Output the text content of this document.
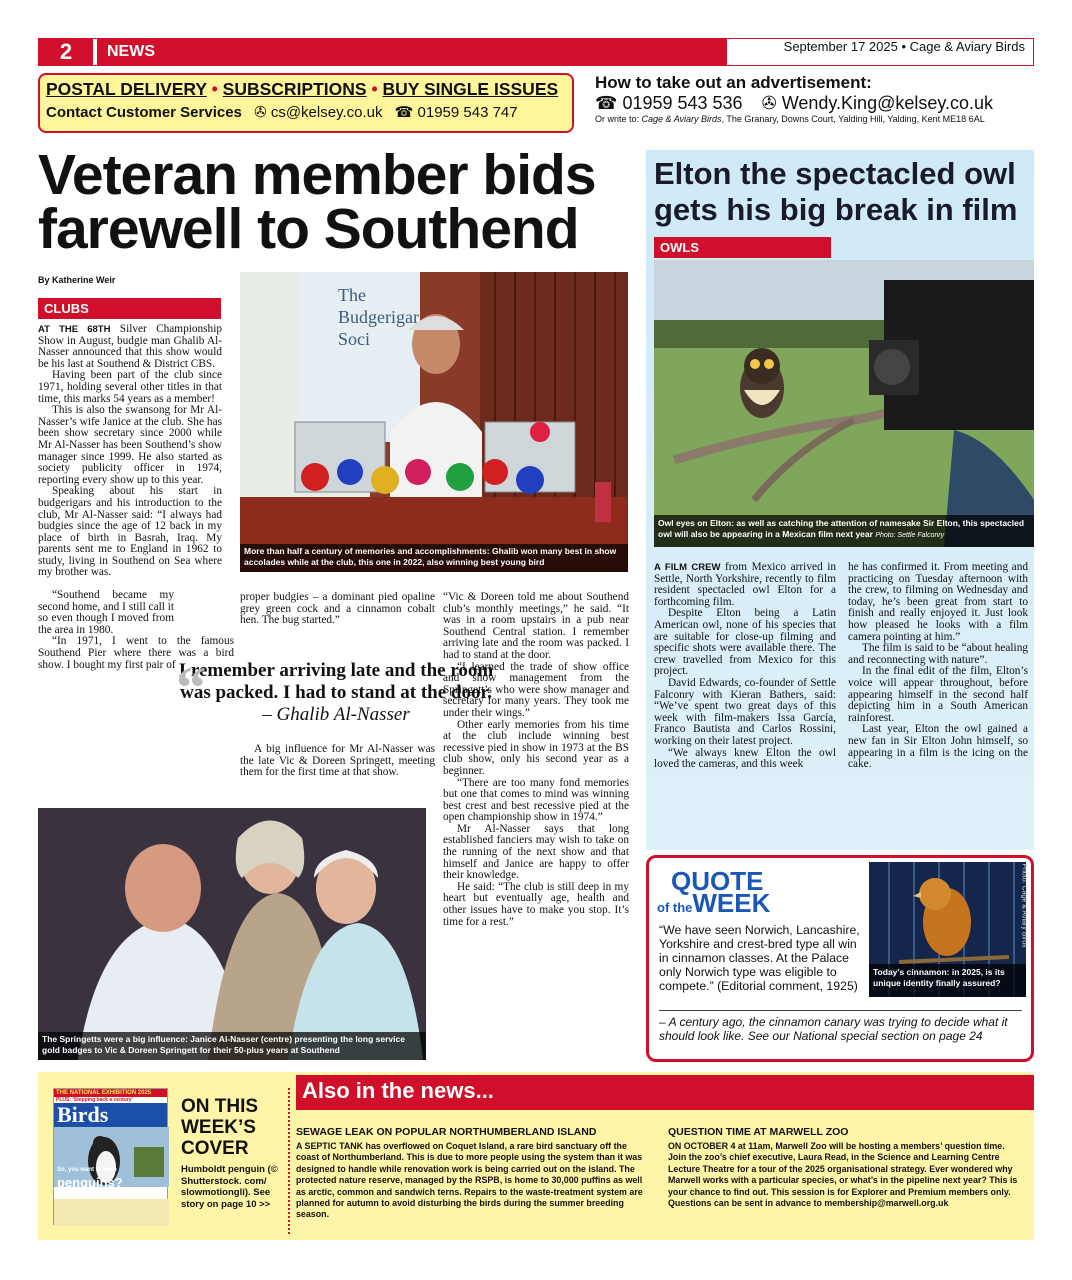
2	NEWS	September 17 2025 • Cage & Aviary Birds
POSTAL DELIVERY • SUBSCRIPTIONS • BUY SINGLE ISSUES
Contact Customer Services ✇ cs@kelsey.co.uk ☎ 01959 543 747
How to take out an advertisement:
☎ 01959 543 536 ✇ Wendy.King@kelsey.co.uk
Or write to: Cage & Aviary Birds, The Granary, Downs Court, Yalding Hill, Yalding, Kent ME18 6AL
Veteran member bids farewell to Southend
By Katherine Weir
CLUBS

AT THE 68TH Silver Championship Show in August, budgie man Ghalib Al-Nasser announced that this show would be his last at Southend & District CBS.

Having been part of the club since 1971, holding several other titles in that time, this marks 54 years as a member!

This is also the swansong for Mr Al-Nasser’s wife Janice at the club. She has been show secretary since 2000 while Mr Al-Nasser has been Southend’s show manager since 1999. He also started as society publicity officer in 1974, reporting every show up to this year.

Speaking about his start in budgerigars and his introduction to the club, Mr Al-Nasser said: “I always had budgies since the age of 12 back in my place of birth in Basrah, Iraq. My parents sent me to England in 1962 to study, living in Southend on Sea where my brother was.

“Southend became my second home, and I still call it so even though I moved from the area in 1980.

“In 1971, I went to the famous Southend Pier where there was a bird show. I bought my first pair of

The Budgerigar Soci
More than half a century of memories and accomplishments: Ghalib won many best in show accolades while at the club, this one in 2022, also winning best young bird

proper budgies – a dominant pied opaline grey green cock and a cinnamon cobalt hen. The bug started.”

A big influence for Mr Al-Nasser was the late Vic & Doreen Springett, meeting them for the first time at that show.

“Vic & Doreen told me about Southend club’s monthly meetings,” he said. “It was in a room upstairs in a pub near Southend Central station. I remember arriving late and the room was packed. I had to stand at the door.

“I learned the trade of show office and show management from the Springett’s who were show manager and secretary for many years. They took me under their wings.”

Other early memories from his time at the club include winning best recessive pied in show in 1973 at the BS club show, only his second year as a beginner.

“There are too many fond memories but one that comes to mind was winning best crest and best recessive pied at the open championship show in 1974.”

Mr Al-Nasser says that long established fanciers may wish to take on the running of the next show and that himself and Janice are happy to offer their knowledge.

He said: “The club is still deep in my heart but eventually age, health and other issues have to make you stop. It’s time for a rest.”

“
I remember arriving late and the room was packed. I had to stand at the door. – Ghalib Al-Nasser
The Springetts were a big influence: Janice Al-Nasser (centre) presenting the long service gold badges to Vic & Doreen Springett for their 50-plus years at Southend
Elton the spectacled owl gets his big break in film
OWLS
Owl eyes on Elton: as well as catching the attention of namesake Sir Elton, this spectacled owl will also be appearing in a Mexican film next year Photo: Settle Falconry

A FILM CREW from Mexico arrived in Settle, North Yorkshire, recently to film resident spectacled owl Elton for a forthcoming film.

Despite Elton being a Latin American owl, none of his species that are suitable for close-up filming and specific shots were available there. The crew travelled from Mexico for this project.

David Edwards, co-founder of Settle Falconry with Kieran Bathers, said: “We’ve spent two great days of this week with film-makers Issa García, Franco Bautista and Carlos Rossini, working on their latest project.

“We always knew Elton the owl loved the cameras, and this week

he has confirmed it. From meeting and practicing on Tuesday afternoon with the crew, to filming on Wednesday and today, he’s been great from start to finish and really enjoyed it. Just look how pleased he looks with a film camera pointing at him.”

The film is said to be “about healing and reconnecting with nature”.

In the final edit of the film, Elton’s voice will appear throughout, before appearing himself in the second half depicting him in a South American rainforest.

Last year, Elton the owl gained a new fan in Sir Elton John himself, so appearing in a film is the icing on the cake.

QUOTE
of theWEEK
“We have seen Norwich, Lancashire, Yorkshire and crest-bred type all win in cinnamon classes. At the Palace only Norwich type was eligible to compete.” (Editorial comment, 1925)
Photo: Cage & Aviary Birds
Today’s cinnamon: in 2025, is its unique identity finally assured?
– A century ago, the cinnamon canary was trying to decide what it should look like. See our National special section on page 24
Also in the news...
THE NATIONAL EXHIBITION 2025
PLUS: ‘Stepping back a century’
Birds
So, you want to keep
penguins?
ON THIS WEEK’S COVER
Humboldt penguin (© Shutterstock. com/ slowmotiongli). See story on page 10 >>
SEWAGE LEAK ON POPULAR NORTHUMBERLAND ISLAND
A SEPTIC TANK has overflowed on Coquet Island, a rare bird sanctuary off the coast of Northumberland. This is due to more people using the system than it was designed to handle while renovation work is being carried out on the island. The protected nature reserve, managed by the RSPB, is home to 30,000 puffins as well as arctic, common and sandwich terns. Repairs to the waste-treatment system are planned for autumn to avoid disturbing the birds during the summer breeding season.
QUESTION TIME AT MARWELL ZOO
ON OCTOBER 4 at 11am, Marwell Zoo will be hosting a members’ question time. Join the zoo’s chief executive, Laura Read, in the Science and Learning Centre Lecture Theatre for a tour of the 2025 organisational strategy. Ever wondered why Marwell works with a particular species, or what’s in the pipeline next year? This is your chance to find out. This session is for Explorer and Premium members only. Questions can be sent in advance to membership@marwell.org.uk
